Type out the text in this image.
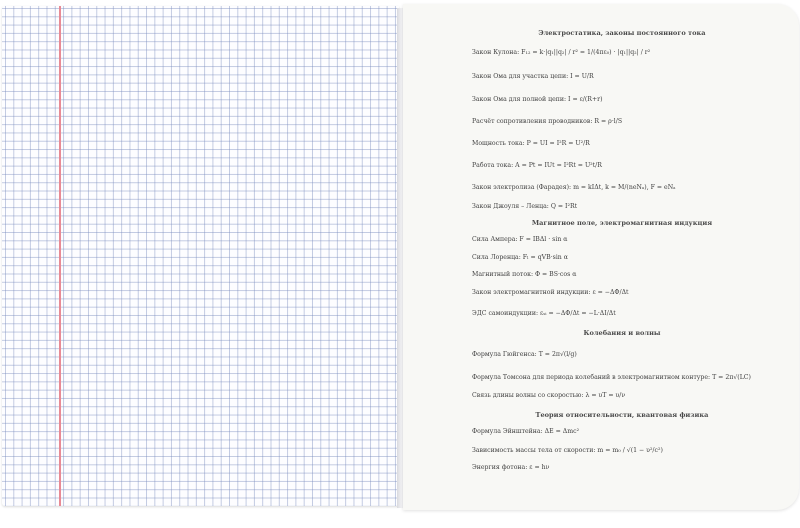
Электростатика, законы постоянного тока

Закон Кулона: F₁₂ = k·|q₁||q₂| / r² = 1/(4πε₀) · |q₁||q₂| / r²
Закон Ома для участка цепи: I = U/R
Закон Ома для полной цепи: I = ε/(R+r)
Расчёт сопротивления проводников: R = ρ·l/S
Мощность тока: P = UI = I²R = U²/R
Работа тока: A = Pt = IUt = I²Rt = U²t/R
Закон электролиза (Фарадея): m = kIΔt, k = M/(neNₐ), F = eNₐ
Закон Джоуля – Ленца: Q = I²Rt

Магнитное поле, электромагнитная индукция

Сила Ампера: F = IBΔl · sin α
Сила Лоренца: Fₗ = qVB·sin α
Магнитный поток: Φ = BS·cos α
Закон электромагнитной индукции: ε = −ΔΦ/Δt
ЭДС самоиндукции: εₛᵢ = −ΔΦ/Δt = −L·ΔI/Δt

Колебания и волны

Формула Гюйгенса: T = 2π√(l/g)
Формула Томсона для периода колебаний в электромагнитном контуре: T = 2π√(LC)
Связь длины волны со скоростью: λ = υT = υ/ν

Теория относительности, квантовая физика

Формула Эйнштейна: ΔE = Δmc²
Зависимость массы тела от скорости: m = m₀ / √(1 − υ²/c²)
Энергия фотона: ε = hν
